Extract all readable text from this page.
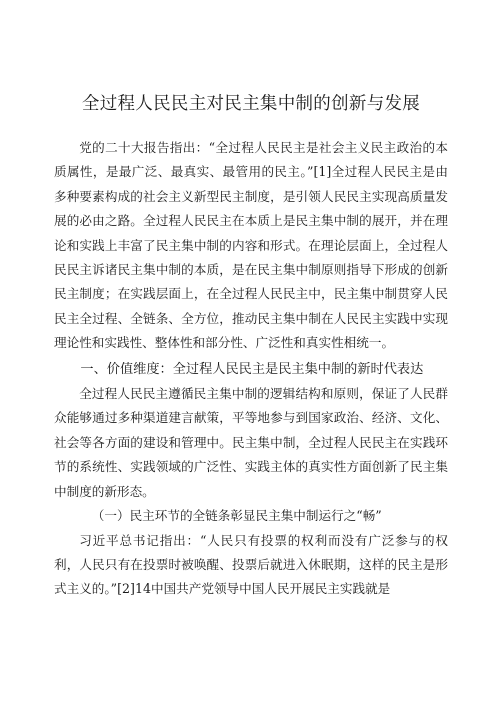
全过程人民民主对民主集中制的创新与发展

党的二十大报告指出：“全过程人民民主是社会主义民主政治的本质属性，是最广泛、最真实、最管用的民主。”[1]全过程人民民主是由多种要素构成的社会主义新型民主制度，是引领人民民主实现高质量发展的必由之路。全过程人民民主在本质上是民主集中制的展开，并在理论和实践上丰富了民主集中制的内容和形式。在理论层面上，全过程人民民主诉诸民主集中制的本质，是在民主集中制原则指导下形成的创新民主制度；在实践层面上，在全过程人民民主中，民主集中制贯穿人民民主全过程、全链条、全方位，推动民主集中制在人民民主实践中实现理论性和实践性、整体性和部分性、广泛性和真实性相统一。

一、价值维度：全过程人民民主是民主集中制的新时代表达

全过程人民民主遵循民主集中制的逻辑结构和原则，保证了人民群众能够通过多种渠道建言献策，平等地参与到国家政治、经济、文化、社会等各方面的建设和管理中。民主集中制，全过程人民民主在实践环节的系统性、实践领域的广泛性、实践主体的真实性方面创新了民主集中制度的新形态。

（一）民主环节的全链条彰显民主集中制运行之“畅”

习近平总书记指出：“人民只有投票的权利而没有广泛参与的权利，人民只有在投票时被唤醒、投票后就进入休眠期，这样的民主是形式主义的。”[2]14中国共产党领导中国人民开展民主实践就是
